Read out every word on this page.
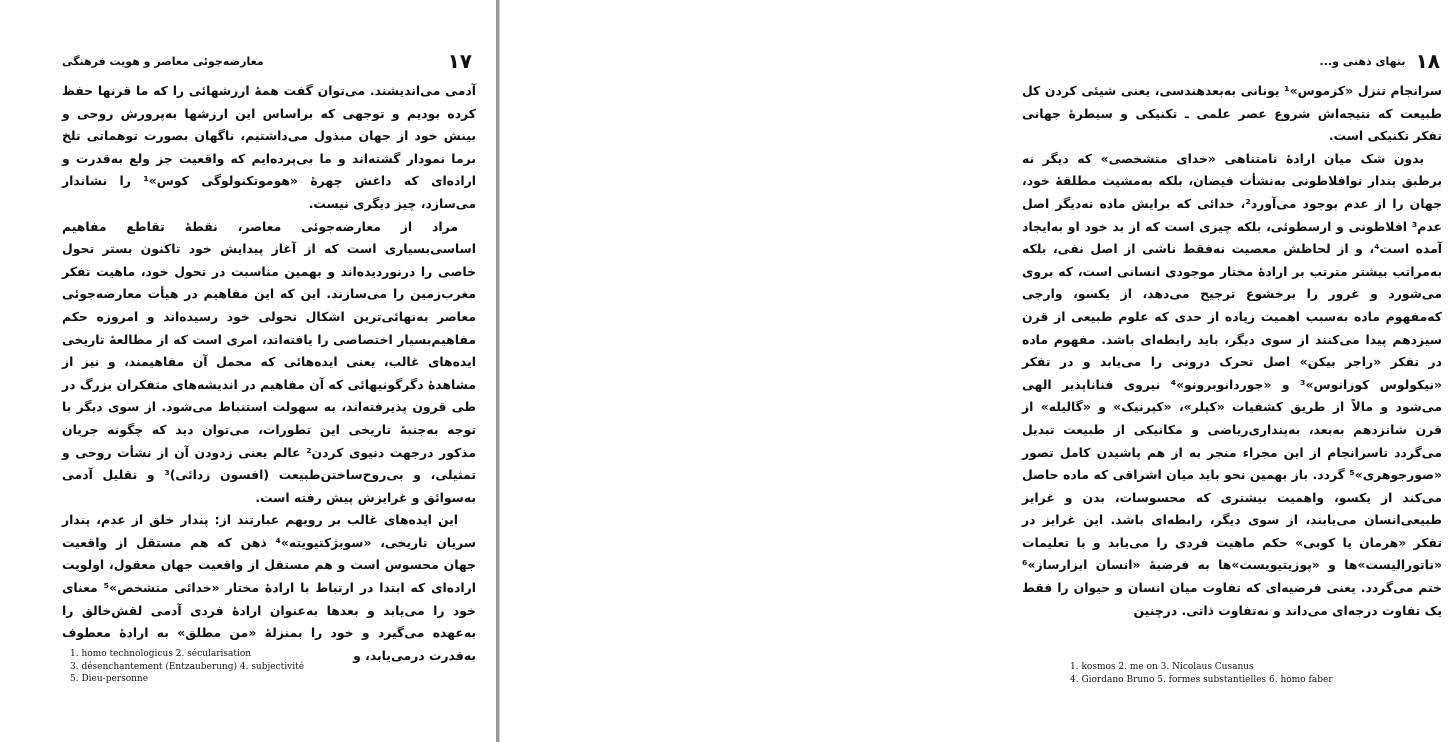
۱۷
معارضه‌جوئی معاصر و هویت فرهنگی

آدمی می‌اندیشند. می‌توان گفت همهٔ ارزشهائی را که ما قرنها حفظ کرده بودیم و توجهی که براساس این ارزشها به‌پرورش روحی و بینش خود از جهان مبذول می‌داشتیم، ناگهان بصورت توهماتی تلخ برما نمودار گشته‌اند و ما بی‌پرده‌ایم که واقعیت جز ولع به‌قدرت و اراده‌ای که داغش چهرهٔ «هوموتکنولوگی کوس»¹ را نشاندار می‌سازد، چیز دیگری نیست.

مراد از معارضه‌جوئی معاصر، نقطهٔ تقاطع مفاهیم اساسی‌بسیاری است که از آغاز پیدایش خود تاکنون بستر تحول خاصی را درنور‌دیده‌اند و بهمین مناسبت در تحول خود، ماهیت تفکر مغرب‌زمین را می‌سازند. این که این مفاهیم در هیأت معارضه‌جوئی معاصر به‌نهائی‌ترین اشکال تحولی خود رسیده‌اند و امروزه حکم مفاهیم‌بسیار اختصاصی را یافته‌اند، امری است که از مطالعهٔ تاریخی ایده‌های غالب، یعنی ایده‌هائی که محمل آن مفاهیمند، و نیز از مشاهدهٔ دگرگونیهائی که آن مفاهیم در اندیشه‌های متفکران بزرگ در طی قرون پذیرفته‌اند، به سهولت استنباط می‌شود. از سوی دیگر با توجه به‌جنبهٔ تاریخی این تطورات، می‌توان دید که چگونه جریان مذکور درجهت دنیوی کردن² عالم یعنی زدودن آن از نشأت روحی و تمثیلی، و بی‌روح‌ساختن‌طبیعت (افسون زدائی)³ و تقلیل آدمی به‌سوائق و غرایزش پیش رفته است.

این ایده‌های غالب بر رویهم عبارتند از: پندار خلق از عدم، پندار سریان تاریخی، «سوبژکتیویته»⁴ ذهن که هم مستقل از واقعیت جهان محسوس است و هم مستقل از واقعیت جهان معقول، اولویت اراده‌ای که ابتدا در ارتباط با ارادهٔ مختار «خدائی متشخص»⁵ معنای خود را می‌یابد و بعدها به‌عنوان ارادهٔ فردی آدمی لقش‌خالق را به‌عهده می‌گیرد و خود را بمنزلهٔ «من مطلق» به ارادهٔ معطوف به‌قدرت درمی‌یابد، و

1. homo technologicus 2. sécularisation
3. désenchantement (Entzauberung) 4. subjectivité
5. Dieu-personne
۱۸
بتهای ذهنی و...

سرانجام تنزل «کزموس»¹ یونانی به‌بعدهندسی، یعنی شیئی کردن کل طبیعت که نتیجه‌اش شروع عصر علمی ـ تکنیکی و سیطرهٔ جهانی تفکر تکنیکی است.

بدون شک میان ارادهٔ نامتناهی «خدای متشخصی» که دیگر نه برطبق پندار نوافلاطونی به‌نشأت فیضان، بلکه به‌مشیت مطلقهٔ خود، جهان را از عدم بوجود می‌آورد²، خدائی که برایش ماده نه‌دیگر اصل عدم³ افلاطونی و ارسطوئی، بلکه چیزی است که از بد خود او به‌ایجاد آمده است⁴، و از لحاظش معصیت نه‌فقط ناشی از اصل نفی، بلکه به‌مراتب بیشتر مترتب بر ارادهٔ مختار موجودی انسانی است، که بروی می‌شورد و غرور را برخشوع ترجیح می‌دهد، از یکسو، وارجی که‌مفهوم ماده به‌سبب اهمیت زیاده از حدی که علوم طبیعی از قرن سیزدهم پیدا می‌کنند از سوی دیگر، باید رابطه‌ای باشد. مفهوم ماده در تفکر «راجر بیکن» اصل تحرک درونی را می‌یابد و در تفکر «نیکولوس کوزانوس»³ و «جوردانوبرونو»⁴ نیروی فناناپذیر الهی می‌شود و مالاً از طریق کشفیات «کپلر»، «کپرنیک» و «گالیله» از قرن شانزدهم به‌بعد، به‌پنداری‌ریاضی و مکانیکی از طبیعت تبدیل می‌گردد تاسرانجام از این مجراء منجر به از هم پاشیدن کامل تصور «صورجوهری»⁵ گردد. باز بهمین نحو باید میان اشراقی که ماده حاصل می‌کند از یکسو، واهمیت بیشتری که محسوسات، بدن و غرایز طبیعی‌انسان می‌یابند، از سوی دیگر، رابطه‌ای باشد. این غرایز در تفکر «هرمان یا کوبی» حکم ماهیت فردی را می‌یابد و با تعلیمات «ناتورالیست»ها و «پوزیتیویست»ها به فرضیهٔ «انسان ابزارساز»⁶ ختم می‌گردد. یعنی فرضیه‌ای که تفاوت میان انسان و حیوان را فقط یک تفاوت درجه‌ای می‌داند و نه‌تفاوت ذاتی. درچنین

1. kosmos 2. me on 3. Nicolaus Cusanus
4. Giordano Bruno 5. formes substantielles 6. homo faber
